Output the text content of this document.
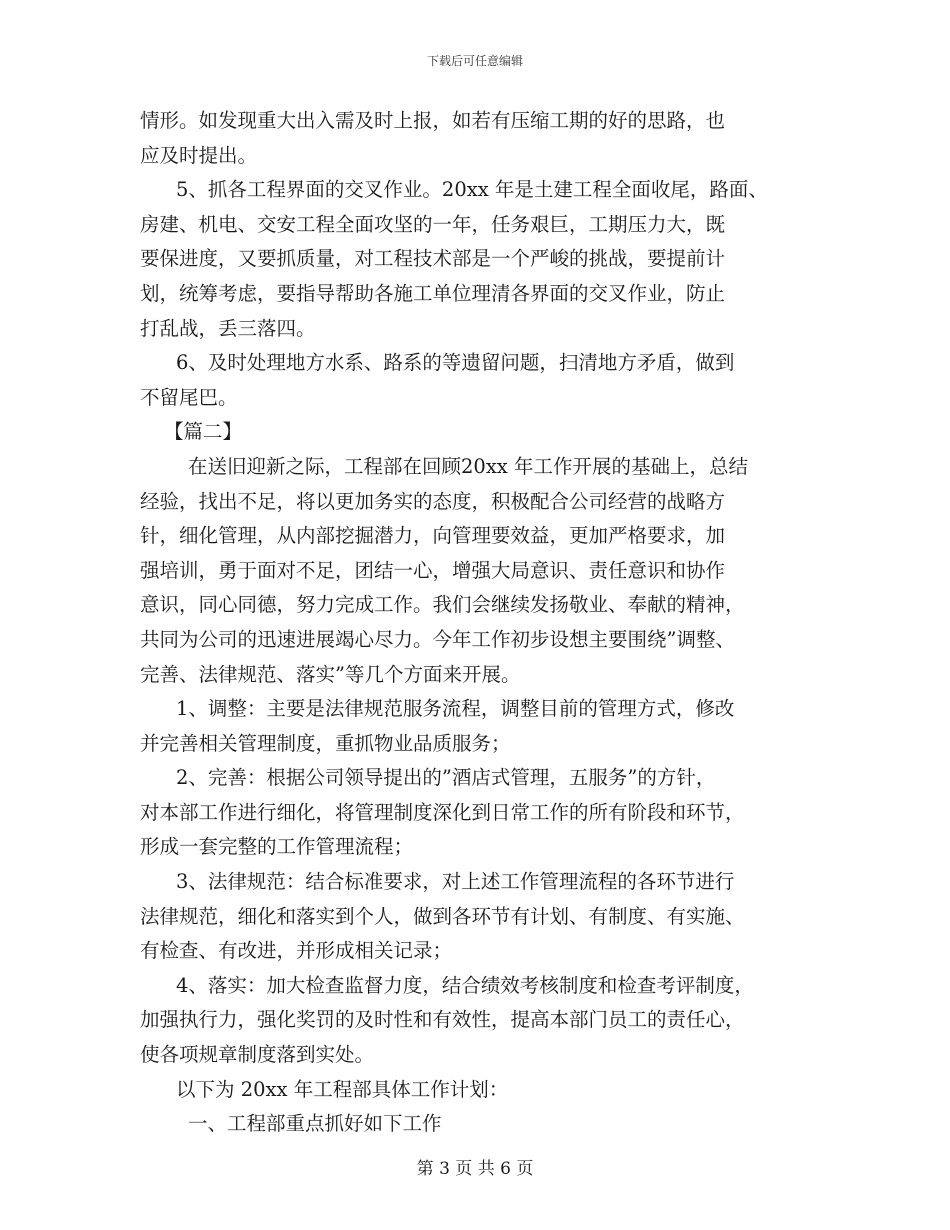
下载后可任意编辑
情形。如发现重大出入需及时上报，如若有压缩工期的好的思路，也
应及时提出。
5、抓各工程界面的交叉作业。20xx 年是土建工程全面收尾，路面、
房建、机电、交安工程全面攻坚的一年，任务艰巨，工期压力大，既
要保进度，又要抓质量，对工程技术部是一个严峻的挑战，要提前计
划，统筹考虑，要指导帮助各施工单位理清各界面的交叉作业，防止
打乱战，丢三落四。
6、及时处理地方水系、路系的等遗留问题，扫清地方矛盾，做到
不留尾巴。
【篇二】
在送旧迎新之际，工程部在回顾20xx 年工作开展的基础上，总结
经验，找出不足，将以更加务实的态度，积极配合公司经营的战略方
针，细化管理，从内部挖掘潜力，向管理要效益，更加严格要求，加
强培训，勇于面对不足，团结一心，增强大局意识、责任意识和协作
意识，同心同德，努力完成工作。我们会继续发扬敬业、奉献的精神，
共同为公司的迅速进展竭心尽力。今年工作初步设想主要围绕”调整、
完善、法律规范、落实”等几个方面来开展。
1、调整：主要是法律规范服务流程，调整目前的管理方式，修改
并完善相关管理制度，重抓物业品质服务；
2、完善：根据公司领导提出的”酒店式管理，五服务”的方针，
对本部工作进行细化，将管理制度深化到日常工作的所有阶段和环节，
形成一套完整的工作管理流程；
3、法律规范：结合标准要求，对上述工作管理流程的各环节进行
法律规范，细化和落实到个人，做到各环节有计划、有制度、有实施、
有检查、有改进，并形成相关记录；
4、落实：加大检查监督力度，结合绩效考核制度和检查考评制度，
加强执行力，强化奖罚的及时性和有效性，提高本部门员工的责任心，
使各项规章制度落到实处。
以下为 20xx 年工程部具体工作计划：
一、工程部重点抓好如下工作
第 3 页 共 6 页
